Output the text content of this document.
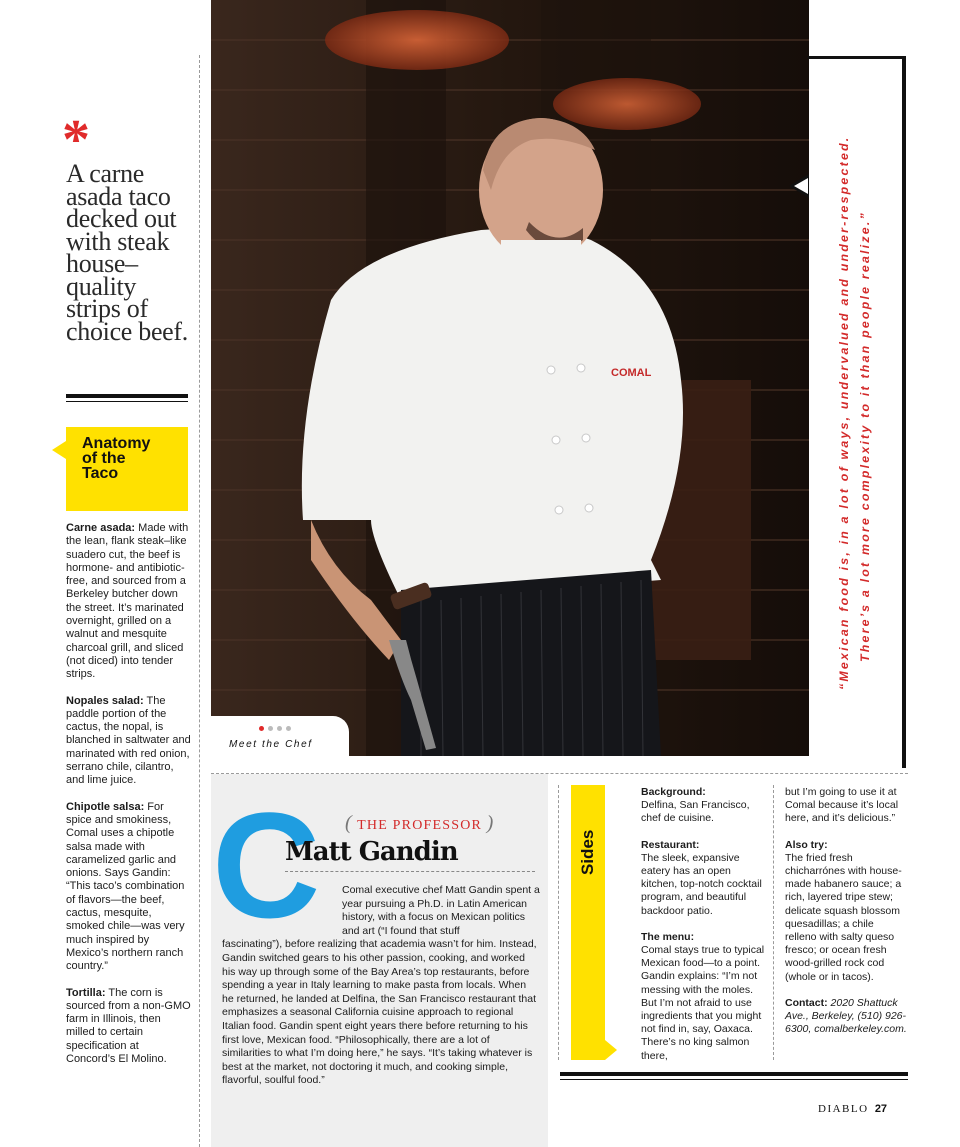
*
A carne asada taco decked out with steak house–quality strips of choice beef.
Anatomy
of the
Taco
Carne asada: Made with the lean, flank steak–like suadero cut, the beef is hormone- and antibiotic-free, and sourced from a Berkeley butcher down the street. It’s marinated overnight, grilled on a walnut and mesquite charcoal grill, and sliced (not diced) into tender strips.
Nopales salad: The paddle portion of the cactus, the nopal, is blanched in saltwater and marinated with red onion, serrano chile, cilantro, and lime juice.
Chipotle salsa: For spice and smokiness, Comal uses a chipotle salsa made with caramelized garlic and onions. Says Gandin: “This taco’s combination of flavors—the beef, cactus, mesquite, smoked chile—was very much inspired by Mexico’s northern ranch country.”
Tortilla: The corn is sourced from a non-GMO farm in Illinois, then milled to certain specification at Concord’s El Molino.
COMAL
Meet the Chef
“Mexican food is, in a lot of ways, undervalued and under-respected. There’s a lot more complexity to it than people realize.”
C ( THE PROFESSOR )
Matt Gandin
Comal executive chef Matt Gandin spent a year pursuing a Ph.D. in Latin American history, with a focus on Mexican politics and art (“I found that stuff
fascinating”), before realizing that academia wasn’t for him. Instead, Gandin switched gears to his other passion, cooking, and worked his way up through some of the Bay Area’s top restaurants, before spending a year in Italy learning to make pasta from locals. When he returned, he landed at Delfina, the San Francisco restaurant that emphasizes a seasonal California cuisine approach to regional Italian food. Gandin spent eight years there before returning to his first love, Mexican food. “Philosophically, there are a lot of similarities to what I’m doing here,” he says. “It’s taking whatever is best at the market, not doctoring it much, and cooking simple, flavorful, soulful food.”
Sides

Background:
Delfina, San Francisco, chef de cuisine.

Restaurant:
The sleek, expansive eatery has an open kitchen, top-notch cocktail program, and beautiful backdoor patio.

The menu:
Comal stays true to typical Mexican food—to a point. Gandin explains: “I’m not messing with the moles. But I’m not afraid to use ingredients that you might not find in, say, Oaxaca. There’s no king salmon there,

but I’m going to use it at Comal because it’s local here, and it’s delicious.”

Also try:
The fried fresh chicharrónes with house-made habanero sauce; a rich, layered tripe stew; delicate squash blossom quesadillas; a chile relleno with salty queso fresco; or ocean fresh wood-grilled rock cod (whole or in tacos).

Contact: 2020 Shattuck Ave., Berkeley, (510) 926-6300, comalberkeley.com.

DIABLO 27
